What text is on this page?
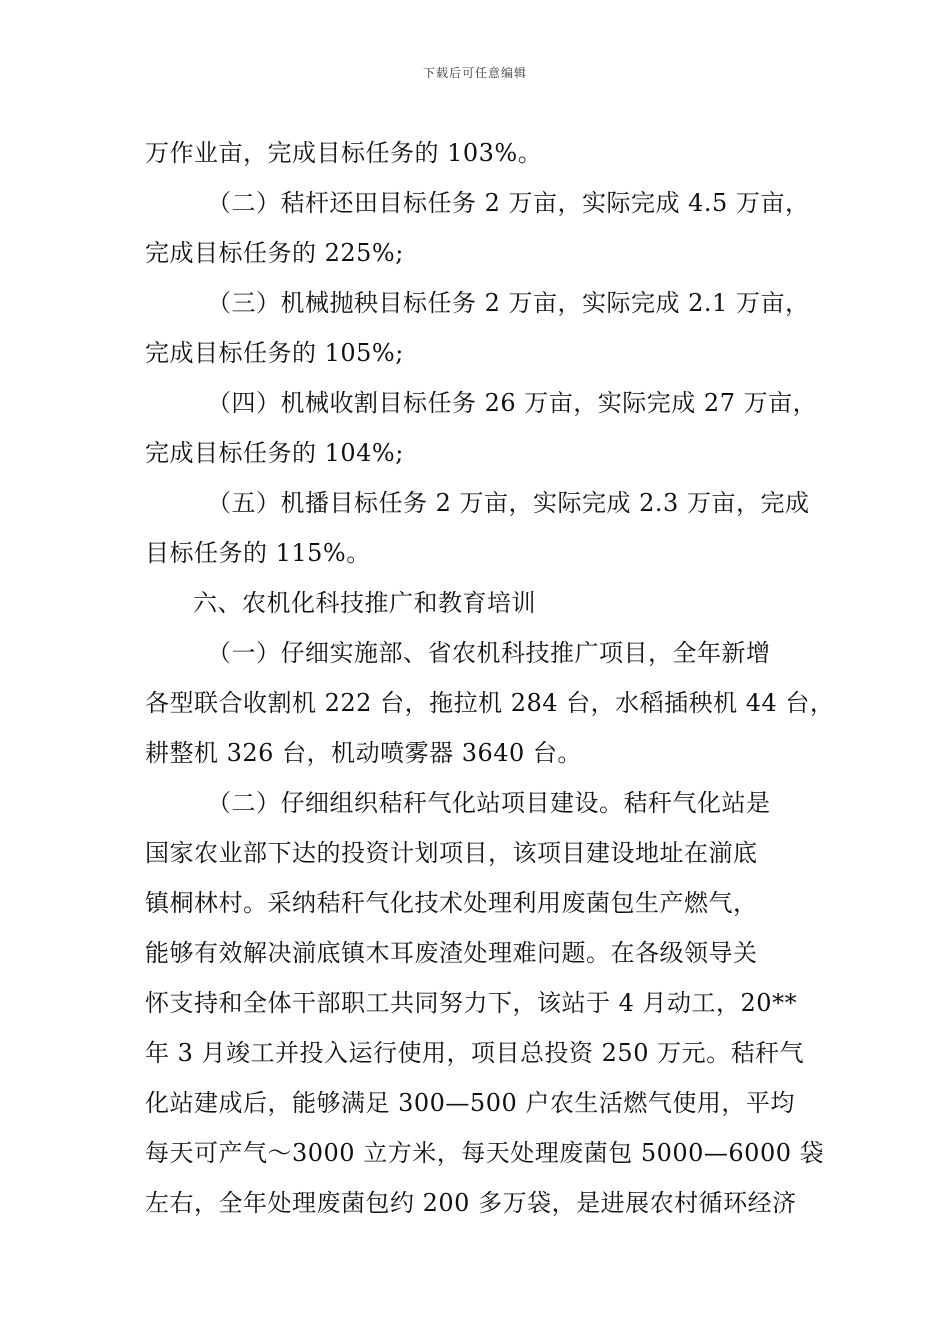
下载后可任意编辑
万作业亩，完成目标任务的 103%。
（二）秸杆还田目标任务 2 万亩，实际完成 4.5 万亩，
完成目标任务的 225%;
（三）机械抛秧目标任务 2 万亩，实际完成 2.1 万亩，
完成目标任务的 105%;
（四）机械收割目标任务 26 万亩，实际完成 27 万亩，
完成目标任务的 104%;
（五）机播目标任务 2 万亩，实际完成 2.3 万亩，完成
目标任务的 115%。
六、农机化科技推广和教育培训
（一）仔细实施部、省农机科技推广项目，全年新增
各型联合收割机 222 台，拖拉机 284 台，水稻插秧机 44 台，
耕整机 326 台，机动喷雾器 3640 台。
（二）仔细组织秸秆气化站项目建设。秸秆气化站是
国家农业部下达的投资计划项目，该项目建设地址在湔底
镇桐林村。采纳秸秆气化技术处理利用废菌包生产燃气，
能够有效解决湔底镇木耳废渣处理难问题。在各级领导关
怀支持和全体干部职工共同努力下，该站于 4 月动工，20**
年 3 月竣工并投入运行使用，项目总投资 250 万元。秸秆气
化站建成后，能够满足 300—500 户农生活燃气使用，平均
每天可产气～3000 立方米，每天处理废菌包 5000—6000 袋
左右，全年处理废菌包约 200 多万袋，是进展农村循环经济
